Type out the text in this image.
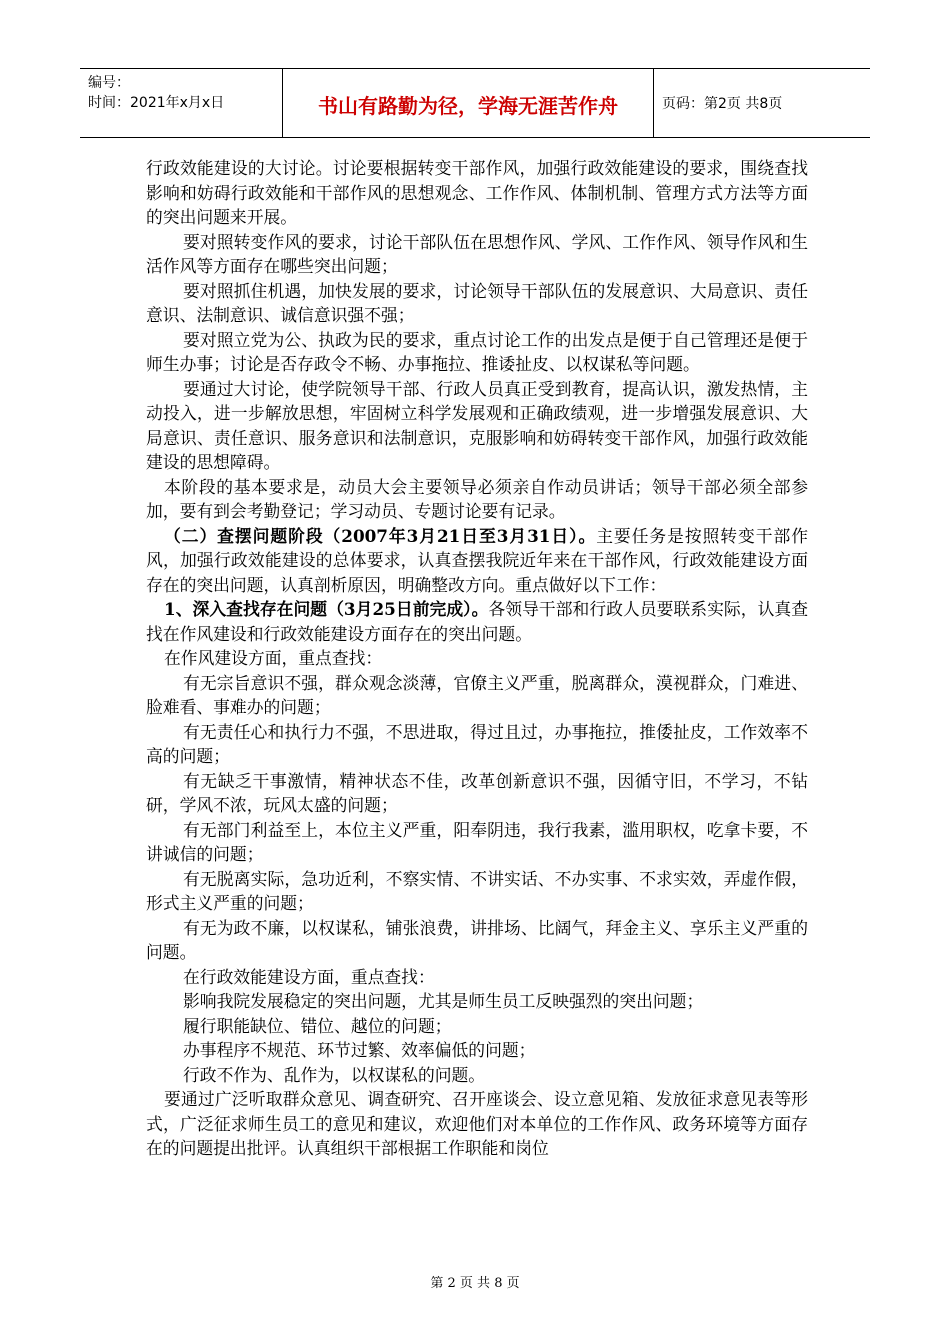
编号：
时间：2021年x月x日	书山有路勤为径，学海无涯苦作舟	页码：第2页 共8页

行政效能建设的大讨论。讨论要根据转变干部作风，加强行政效能建设的要求，围绕查找影响和妨碍行政效能和干部作风的思想观念、工作作风、体制机制、管理方式方法等方面的突出问题来开展。

要对照转变作风的要求，讨论干部队伍在思想作风、学风、工作作风、领导作风和生活作风等方面存在哪些突出问题；

要对照抓住机遇，加快发展的要求，讨论领导干部队伍的发展意识、大局意识、责任意识、法制意识、诚信意识强不强；

要对照立党为公、执政为民的要求，重点讨论工作的出发点是便于自己管理还是便于师生办事；讨论是否存政令不畅、办事拖拉、推诿扯皮、以权谋私等问题。

要通过大讨论，使学院领导干部、行政人员真正受到教育，提高认识，激发热情，主动投入，进一步解放思想，牢固树立科学发展观和正确政绩观，进一步增强发展意识、大局意识、责任意识、服务意识和法制意识，克服影响和妨碍转变干部作风，加强行政效能建设的思想障碍。

本阶段的基本要求是，动员大会主要领导必须亲自作动员讲话；领导干部必须全部参加，要有到会考勤登记；学习动员、专题讨论要有记录。

（二）查摆问题阶段（2007年3月21日至3月31日）。主要任务是按照转变干部作风，加强行政效能建设的总体要求，认真查摆我院近年来在干部作风，行政效能建设方面存在的突出问题，认真剖析原因，明确整改方向。重点做好以下工作：

1、深入查找存在问题（3月25日前完成）。各领导干部和行政人员要联系实际，认真查找在作风建设和行政效能建设方面存在的突出问题。

在作风建设方面，重点查找：

有无宗旨意识不强，群众观念淡薄，官僚主义严重，脱离群众，漠视群众，门难进、脸难看、事难办的问题；

有无责任心和执行力不强，不思进取，得过且过，办事拖拉，推倭扯皮，工作效率不高的问题；

有无缺乏干事激情，精神状态不佳，改革创新意识不强，因循守旧，不学习，不钻研，学风不浓，玩风太盛的问题；

有无部门利益至上，本位主义严重，阳奉阴违，我行我素，滥用职权，吃拿卡要，不讲诚信的问题；

有无脱离实际，急功近利，不察实情、不讲实话、不办实事、不求实效，弄虚作假，形式主义严重的问题；

有无为政不廉，以权谋私，铺张浪费，讲排场、比阔气，拜金主义、享乐主义严重的问题。

在行政效能建设方面，重点查找：

影响我院发展稳定的突出问题，尤其是师生员工反映强烈的突出问题；

履行职能缺位、错位、越位的问题；

办事程序不规范、环节过繁、效率偏低的问题；

行政不作为、乱作为，以权谋私的问题。

要通过广泛听取群众意见、调查研究、召开座谈会、设立意见箱、发放征求意见表等形式，广泛征求师生员工的意见和建议，欢迎他们对本单位的工作作风、政务环境等方面存在的问题提出批评。认真组织干部根据工作职能和岗位

第 2 页 共 8 页
